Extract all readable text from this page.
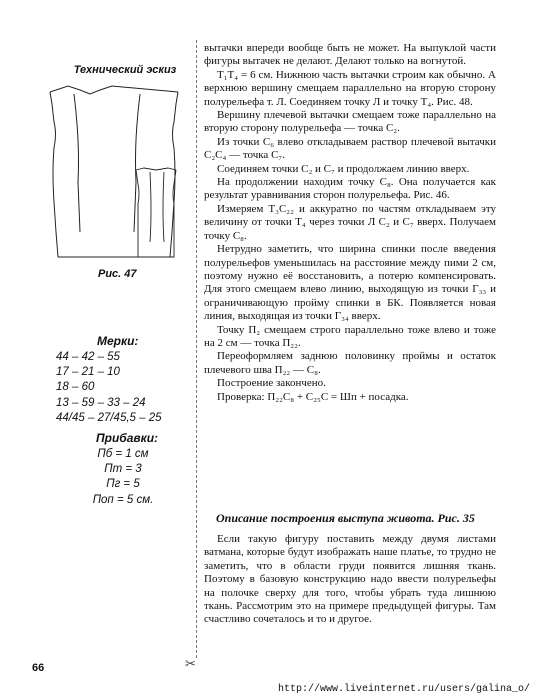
Технический эскиз
Рис. 47
Мерки:
44 – 42 – 55
17 – 21 – 10
18 – 60
13 – 59 – 33 – 24
44/45 – 27/45,5 – 25
Прибавки:
Пб = 1 см
Пт = 3
Пг = 5
Поп = 5 см.

вытачки впереди вообще быть не может. На выпуклой части фигуры вытачек не делают. Делают только на вогнутой.

Т₁Т₄ = 6 см. Нижнюю часть вытачки строим как обычно. А верхнюю вершину смещаем параллельно на вторую сторону полурельефа т. Л. Соединяем точку Л и точку Т₄. Рис. 48.

Вершину плечевой вытачки смещаем тоже параллельно на вторую сторону полурельефа — точка С₂.

Из точки С₆ влево откладываем раствор плечевой вытачки С₂С₄ — точка С₇.

Соединяем точки С₂ и С₇ и продолжаем линию вверх.

На продолжении находим точку С₈. Она получается как результат уравнивания сторон полурельефа. Рис. 46.

Измеряем Т₃С₂₂ и аккуратно по частям откладываем эту величину от точки Т₄ через точки Л С₂ и С₇ вверх. Получаем точку С₈.

Нетрудно заметить, что ширина спинки после введения полурельефов уменьшилась на расстояние между пими 2 см, поэтому нужно её восстановить, а потерю компенсировать. Для этого смещаем влево линию, выходящую из точки Г₃₃ и ограничивающую пройму спинки в БК. Появляется новая линия, выходящая из точки Г₃₄ вверх.

Точку П₂ смещаем строго параллельно тоже влево и тоже на 2 см — точка П₂₂.

Переоформляем заднюю половинку проймы и остаток плечевого шва П₂₂ — С₈.

Построение закончено.

Проверка: П₂₂С₈ + С₂₅С = Шп + посадка.

Описание построения выступа живота. Рис. 35

Если такую фигуру поставить между двумя листами ватмана, которые будут изображать наше платье, то трудно не заметить, что в области груди появится лишняя ткань. Поэтому в базовую конструкцию надо ввести полурельефы на полочке сверху для того, чтобы убрать туда лишнюю ткань. Рассмотрим это на примере предыдущей фигуры. Там счастливо сочеталось и то и другое.

66	✂
http://www.liveinternet.ru/users/galina_o/
